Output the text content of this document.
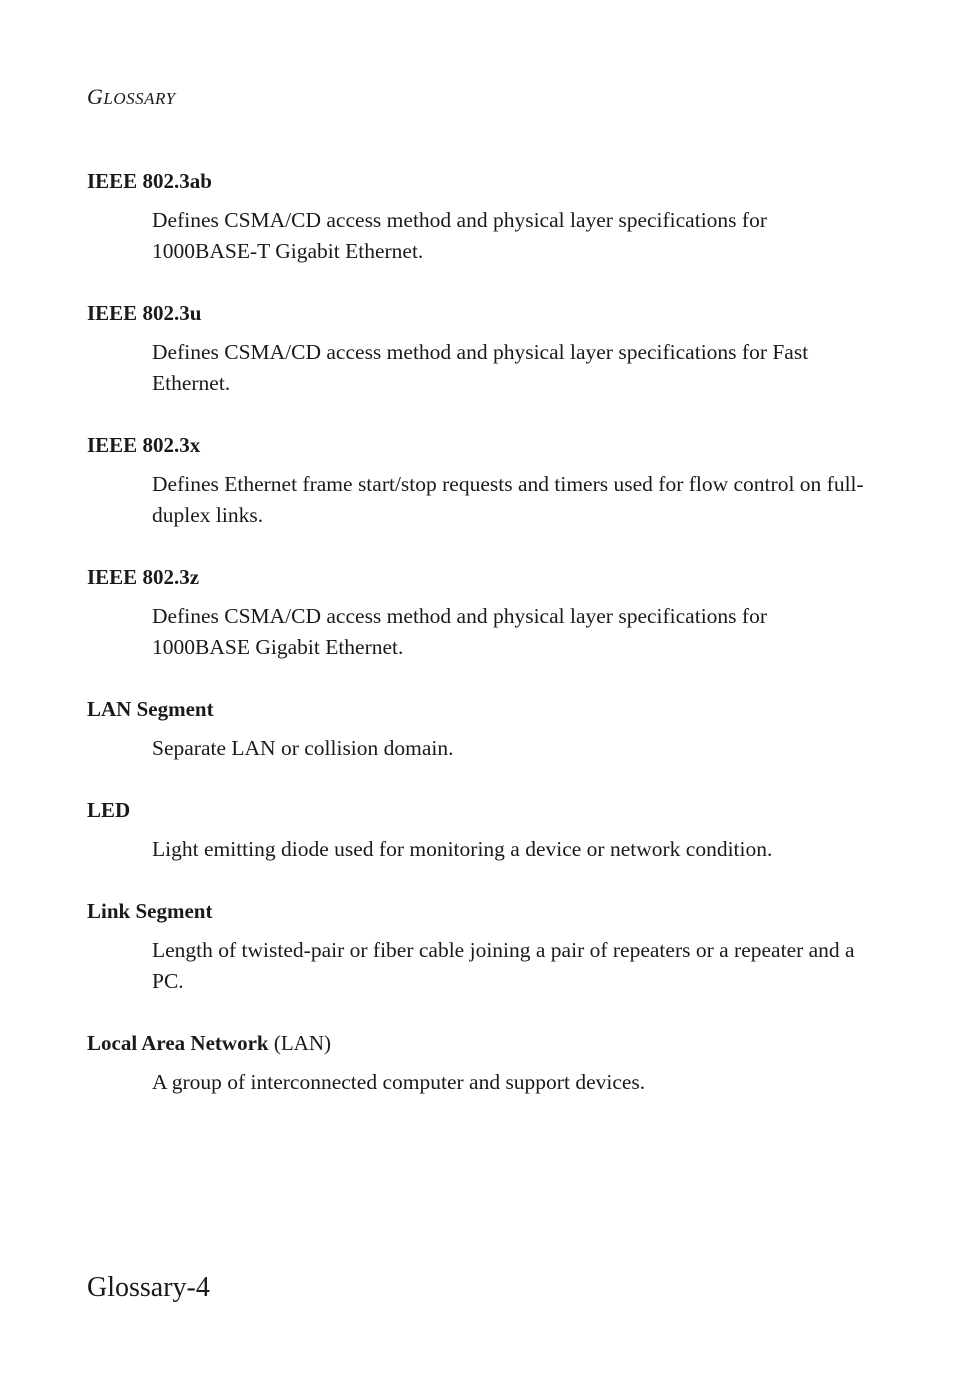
GLOSSARY
IEEE 802.3ab
Defines CSMA/CD access method and physical layer specifications for 1000BASE-T Gigabit Ethernet.
IEEE 802.3u
Defines CSMA/CD access method and physical layer specifications for Fast Ethernet.
IEEE 802.3x
Defines Ethernet frame start/stop requests and timers used for flow control on full-duplex links.
IEEE 802.3z
Defines CSMA/CD access method and physical layer specifications for 1000BASE Gigabit Ethernet.
LAN Segment
Separate LAN or collision domain.
LED
Light emitting diode used for monitoring a device or network condition.
Link Segment
Length of twisted-pair or fiber cable joining a pair of repeaters or a repeater and a PC.
Local Area Network (LAN)
A group of interconnected computer and support devices.
Glossary-4
